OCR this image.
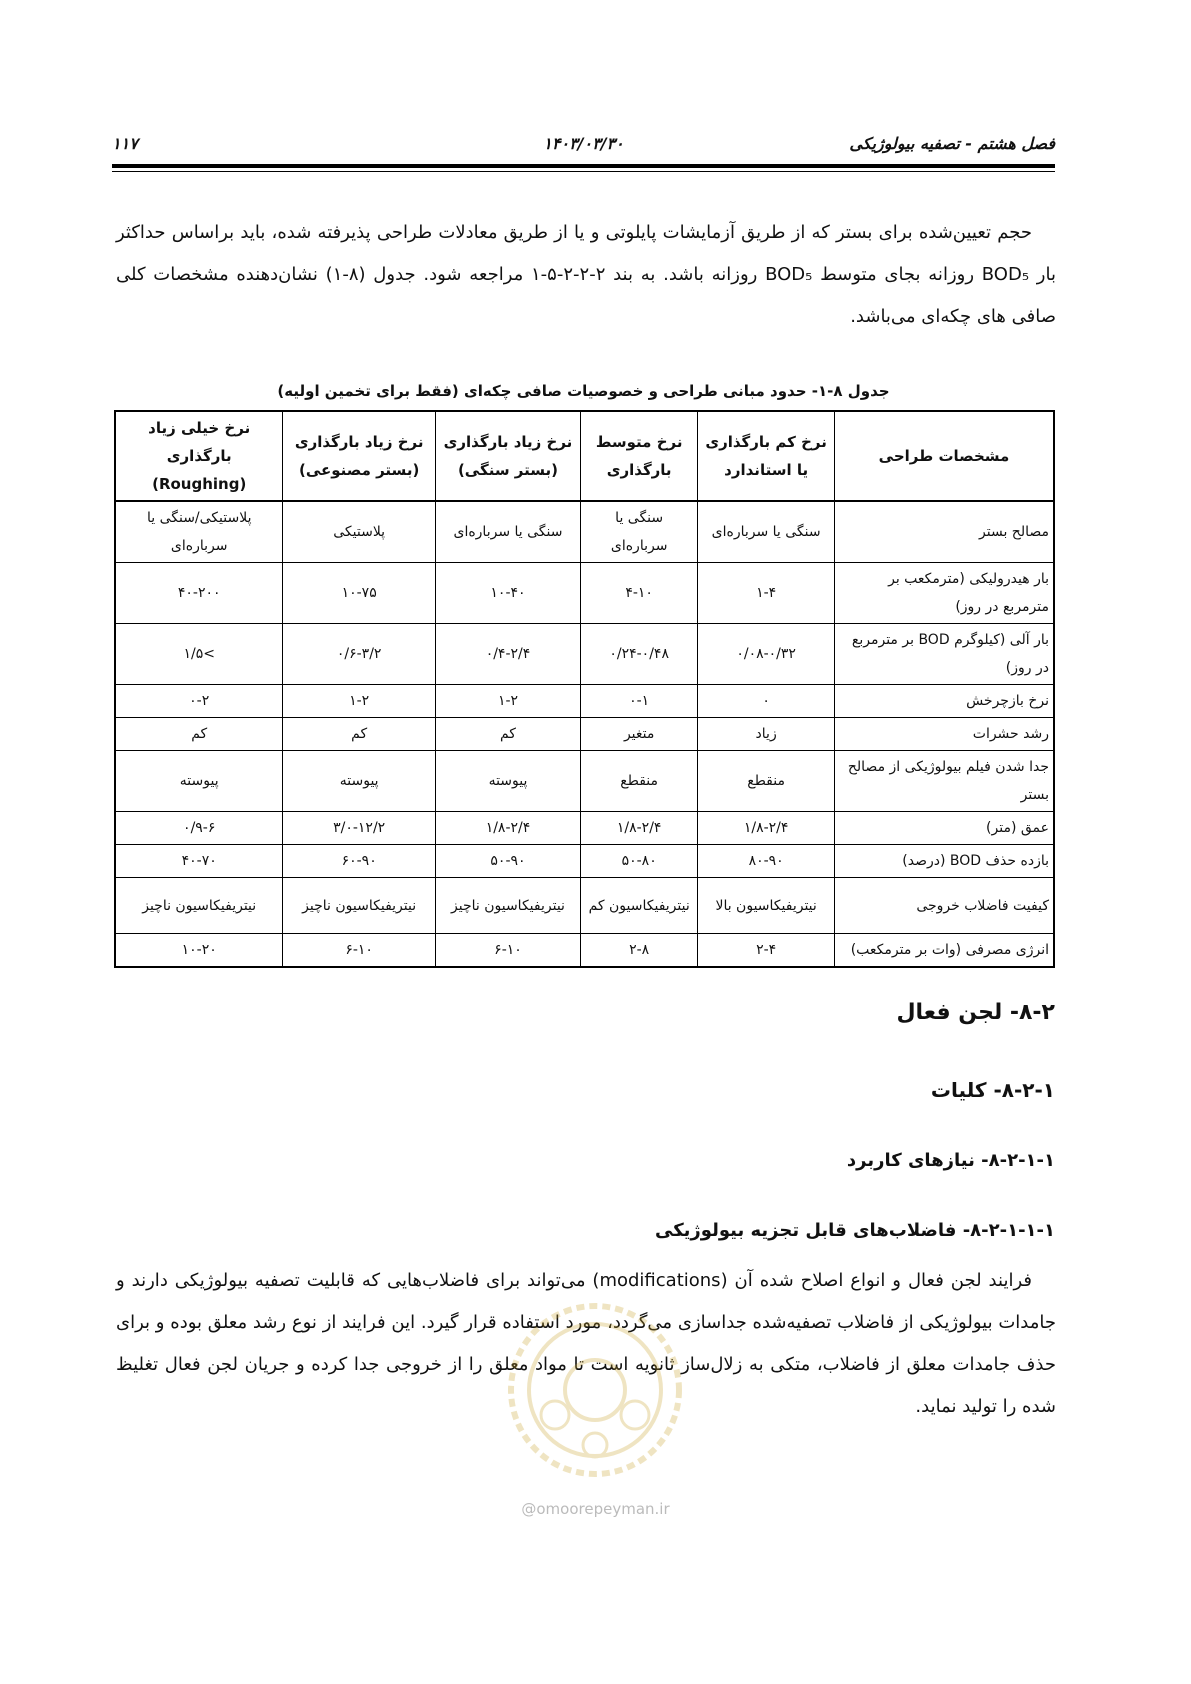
فصل هشتم - تصفیه بیولوژیکی
۱۴۰۳/۰۳/۳۰
۱۱۷

حجم تعیین‌شده برای بستر که از طریق آزمایشات پایلوتی و یا از طریق معادلات طراحی پذیرفته شده، باید براساس حداکثر بار BOD₅ روزانه بجای متوسط BOD₅ روزانه باشد. به بند ۲-۲-۲-۵-۱ مراجعه شود. جدول (۸-۱) نشان‌دهنده مشخصات کلی صافی های چکه‌ای می‌باشد.

جدول ۸-۱- حدود مبانی طراحی و خصوصیات صافی چکه‌ای (فقط برای تخمین اولیه)
مشخصات طراحی	نرخ کم بارگذاری یا استاندارد	نرخ متوسط بارگذاری	نرخ زیاد بارگذاری (بستر سنگی)	نرخ زیاد بارگذاری (بستر مصنوعی)	نرخ خیلی زیاد بارگذاری (Roughing)
مصالح بستر	سنگی یا سرباره‌ای	سنگی یا سرباره‌ای	سنگی یا سرباره‌ای	پلاستیکی	پلاستیکی/سنگی یا سرباره‌ای
بار هیدرولیکی (مترمکعب بر مترمربع در روز)	۱-۴	۴-۱۰	۱۰-۴۰	۱۰-۷۵	۴۰-۲۰۰
بار آلی (کیلوگرم BOD بر مترمربع در روز)	۰/۰۸-۰/۳۲	۰/۲۴-۰/۴۸	۰/۴-۲/۴	۰/۶-۳/۲	>۱/۵
نرخ بازچرخش	۰	۰-۱	۱-۲	۱-۲	۰-۲
رشد حشرات	زیاد	متغیر	کم	کم	کم
جدا شدن فیلم بیولوژیکی از مصالح بستر	منقطع	منقطع	پیوسته	پیوسته	پیوسته
عمق (متر)	۱/۸-۲/۴	۱/۸-۲/۴	۱/۸-۲/۴	۳/۰-۱۲/۲	۰/۹-۶
بازده حذف BOD (درصد)	۸۰-۹۰	۵۰-۸۰	۵۰-۹۰	۶۰-۹۰	۴۰-۷۰
کیفیت فاضلاب خروجی	نیتریفیکاسیون بالا	نیتریفیکاسیون کم	نیتریفیکاسیون ناچیز	نیتریفیکاسیون ناچیز	نیتریفیکاسیون ناچیز
انرژی مصرفی (وات بر مترمکعب)	۲-۴	۲-۸	۶-۱۰	۶-۱۰	۱۰-۲۰
۸-۲- لجن فعال
۸-۲-۱- کلیات
۸-۲-۱-۱- نیازهای کاربرد
۸-۲-۱-۱-۱- فاضلاب‌های قابل تجزیه بیولوژیکی

فرایند لجن فعال و انواع اصلاح شده آن (modifications) می‌تواند برای فاضلاب‌هایی که قابلیت تصفیه بیولوژیکی دارند و جامدات بیولوژیکی از فاضلاب تصفیه‌شده جداسازی می‌گردد، مورد استفاده قرار گیرد. این فرایند از نوع رشد معلق بوده و برای حذف جامدات معلق از فاضلاب، متکی به زلال‌ساز ثانویه است تا مواد معلق را از خروجی جدا کرده و جریان لجن فعال تغلیظ شده را تولید نماید.

@omoorepeyman.ir
